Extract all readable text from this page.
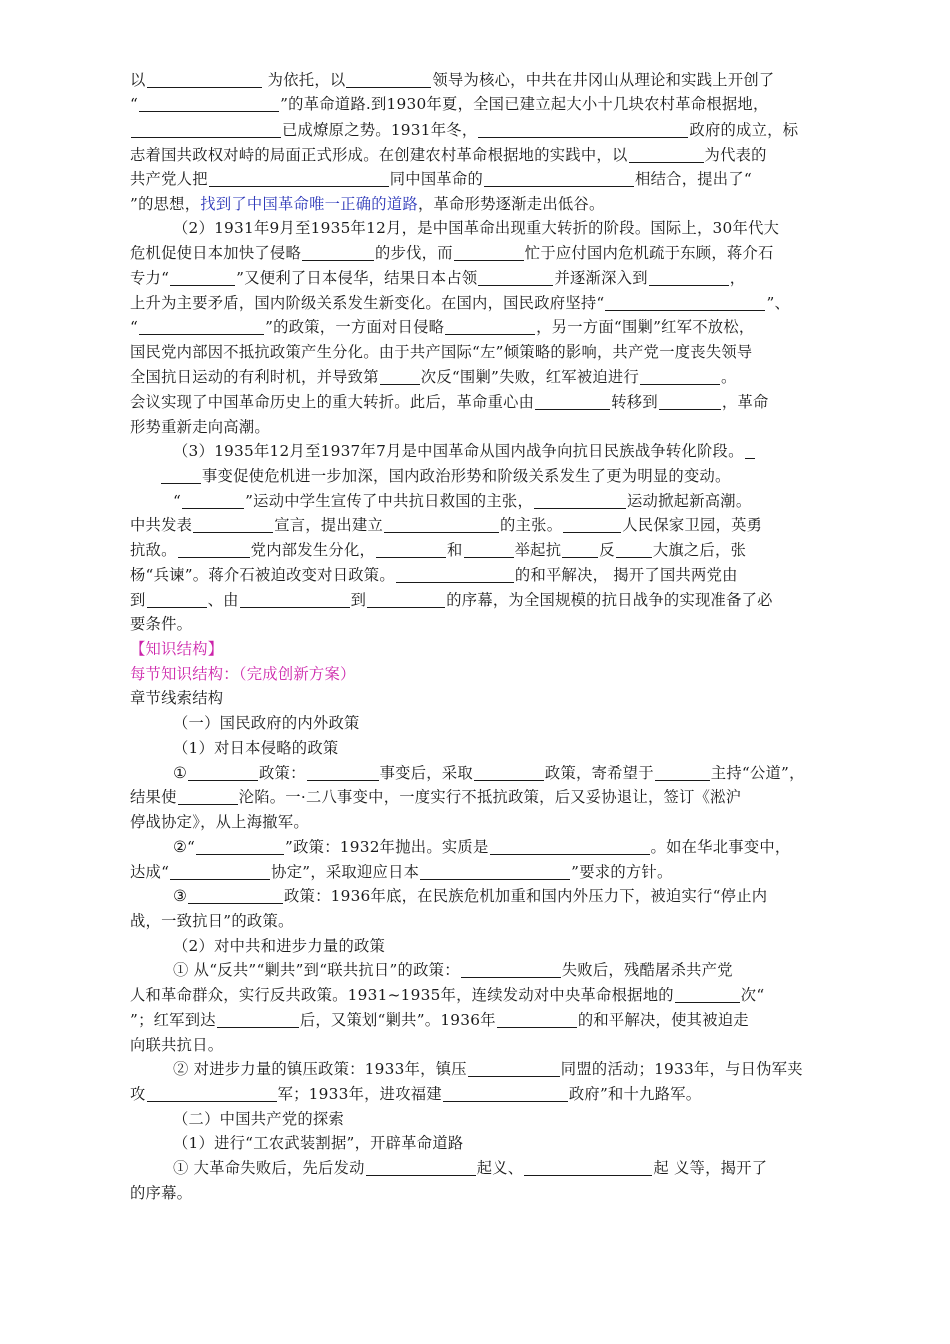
以	为依托，以	领导为核心，中共在井冈山从理论和实践上开创了
“	”的革命道路.到1930年夏，全国已建立起大小十几块农村革命根据地，
已成燎原之势。1931年冬，	政府的成立，标
志着国共政权对峙的局面正式形成。在创建农村革命根据地的实践中，以	为代表的
共产党人把	同中国革命的	相结合，提出了“
”的思想，找到了中国革命唯一正确的道路，革命形势逐渐走出低谷。
（2）1931年9月至1935年12月，是中国革命出现重大转折的阶段。国际上，30年代大
危机促使日本加快了侵略	的步伐，而	忙于应付国内危机疏于东顾，蒋介石
专力“	”又便利了日本侵华，结果日本占领	并逐渐深入到	，
上升为主要矛盾，国内阶级关系发生新变化。在国内，国民政府坚持“	”、
“	”的政策，一方面对日侵略	，另一方面“围剿”红军不放松，
国民党内部因不抵抗政策产生分化。由于共产国际“左”倾策略的影响，共产党一度丧失领导
全国抗日运动的有利时机，并导致第	次反“围剿”失败，红军被迫进行	。
会议实现了中国革命历史上的重大转折。此后，革命重心由	转移到	，革命
形势重新走向高潮。
（3）1935年12月至1937年7月是中国革命从国内战争向抗日民族战争转化阶段。
事变促使危机进一步加深，国内政治形势和阶级关系发生了更为明显的变动。
“	”运动中学生宣传了中共抗日救国的主张，	运动掀起新高潮。
中共发表	宣言，提出建立	的主张。	人民保家卫园，英勇
抗敌。	党内部发生分化，	和	举起抗 反 大旗之后，张
杨“兵谏”。蒋介石被迫改变对日政策。	的和平解决， 揭开了国共两党由
到	、由	到	的序幕，为全国规模的抗日战争的实现准备了必
要条件。
【知识结构】
每节知识结构：（完成创新方案）
章节线索结构
（一）国民政府的内外政策
（1）对日本侵略的政策
①	政策：	事变后，采取	政策，寄希望于	主持“公道”，
结果使	沦陷。一·二八事变中，一度实行不抵抗政策，后又妥协退让，签订《淞沪
停战协定》，从上海撤军。
②“	”政策：1932年抛出。实质是	。如在华北事变中，
达成“	协定”，采取迎应日本	”要求的方针。
③	政策：1936年底，在民族危机加重和国内外压力下，被迫实行“停止内
战，一致抗日”的政策。
（2）对中共和进步力量的政策
① 从“反共”“剿共”到“联共抗日”的政策：	失败后，残酷屠杀共产党
人和革命群众，实行反共政策。1931~1935年，连续发动对中央革命根据地的	次“
”；红军到达	后，又策划“剿共”。1936年	的和平解决，使其被迫走
向联共抗日。
② 对进步力量的镇压政策：1933年，镇压	同盟的活动；1933年，与日伪军夹
攻	军；1933年，进攻福建	政府”和十九路军。
（二）中国共产党的探索
（1）进行“工农武装割据”，开辟革命道路
① 大革命失败后，先后发动	起义、	起 义等，揭开了
的序幕。
